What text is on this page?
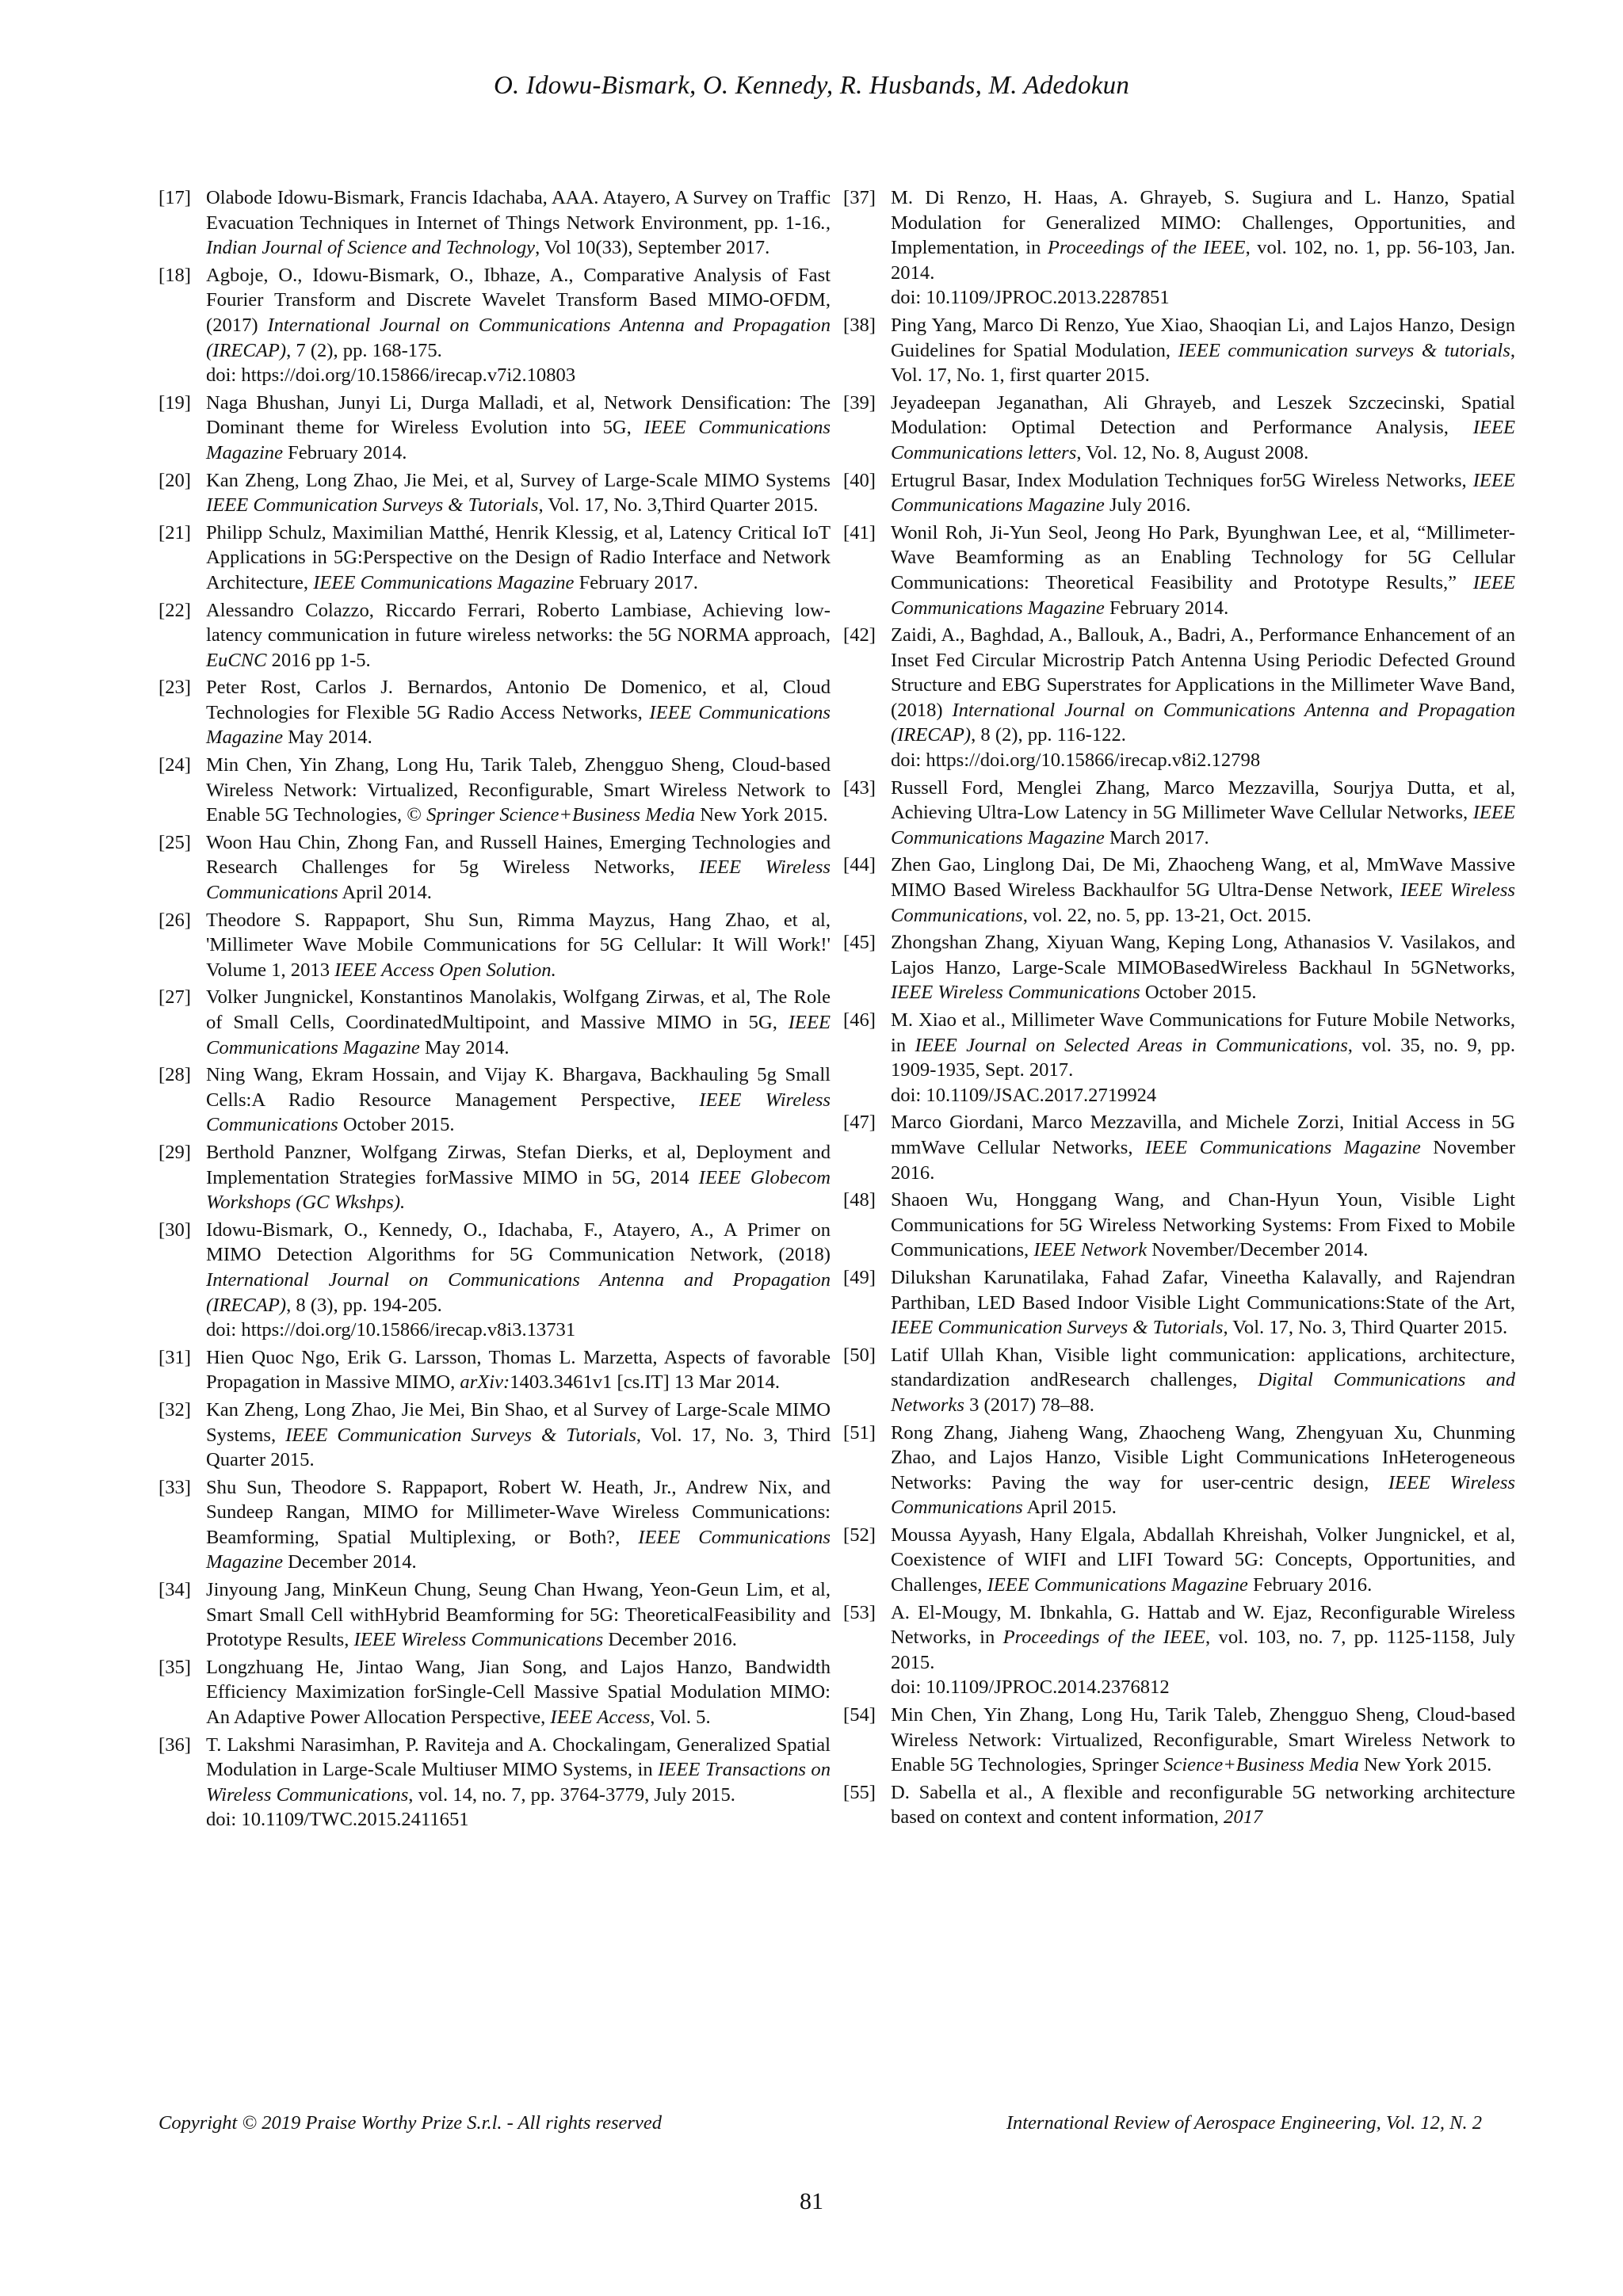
O. Idowu-Bismark, O. Kennedy, R. Husbands, M. Adedokun
[17] Olabode Idowu-Bismark, Francis Idachaba, AAA. Atayero, A Survey on Traffic Evacuation Techniques in Internet of Things Network Environment, pp. 1-16., Indian Journal of Science and Technology, Vol 10(33), September 2017.
[18] Agboje, O., Idowu-Bismark, O., Ibhaze, A., Comparative Analysis of Fast Fourier Transform and Discrete Wavelet Transform Based MIMO-OFDM, (2017) International Journal on Communications Antenna and Propagation (IRECAP), 7 (2), pp. 168-175.
doi: https://doi.org/10.15866/irecap.v7i2.10803
[19] Naga Bhushan, Junyi Li, Durga Malladi, et al, Network Densification: The Dominant theme for Wireless Evolution into 5G, IEEE Communications Magazine February 2014.
[20] Kan Zheng, Long Zhao, Jie Mei, et al, Survey of Large-Scale MIMO Systems IEEE Communication Surveys & Tutorials, Vol. 17, No. 3,Third Quarter 2015.
[21] Philipp Schulz, Maximilian Matthé, Henrik Klessig, et al, Latency Critical IoT Applications in 5G:Perspective on the Design of Radio Interface and Network Architecture, IEEE Communications Magazine February 2017.
[22] Alessandro Colazzo, Riccardo Ferrari, Roberto Lambiase, Achieving low-latency communication in future wireless networks: the 5G NORMA approach, EuCNC 2016 pp 1-5.
[23] Peter Rost, Carlos J. Bernardos, Antonio De Domenico, et al, Cloud Technologies for Flexible 5G Radio Access Networks, IEEE Communications Magazine May 2014.
[24] Min Chen, Yin Zhang, Long Hu, Tarik Taleb, Zhengguo Sheng, Cloud-based Wireless Network: Virtualized, Reconfigurable, Smart Wireless Network to Enable 5G Technologies, © Springer Science+Business Media New York 2015.
[25] Woon Hau Chin, Zhong Fan, and Russell Haines, Emerging Technologies and Research Challenges for 5g Wireless Networks, IEEE Wireless Communications April 2014.
[26] Theodore S. Rappaport, Shu Sun, Rimma Mayzus, Hang Zhao, et al, 'Millimeter Wave Mobile Communications for 5G Cellular: It Will Work!' Volume 1, 2013 IEEE Access Open Solution.
[27] Volker Jungnickel, Konstantinos Manolakis, Wolfgang Zirwas, et al, The Role of Small Cells, CoordinatedMultipoint, and Massive MIMO in 5G, IEEE Communications Magazine May 2014.
[28] Ning Wang, Ekram Hossain, and Vijay K. Bhargava, Backhauling 5g Small Cells:A Radio Resource Management Perspective, IEEE Wireless Communications October 2015.
[29] Berthold Panzner, Wolfgang Zirwas, Stefan Dierks, et al, Deployment and Implementation Strategies forMassive MIMO in 5G, 2014 IEEE Globecom Workshops (GC Wkshps).
[30] Idowu-Bismark, O., Kennedy, O., Idachaba, F., Atayero, A., A Primer on MIMO Detection Algorithms for 5G Communication Network, (2018) International Journal on Communications Antenna and Propagation (IRECAP), 8 (3), pp. 194-205.
doi: https://doi.org/10.15866/irecap.v8i3.13731
[31] Hien Quoc Ngo, Erik G. Larsson, Thomas L. Marzetta, Aspects of favorable Propagation in Massive MIMO, arXiv:1403.3461v1 [cs.IT] 13 Mar 2014.
[32] Kan Zheng, Long Zhao, Jie Mei, Bin Shao, et al Survey of Large-Scale MIMO Systems, IEEE Communication Surveys & Tutorials, Vol. 17, No. 3, Third Quarter 2015.
[33] Shu Sun, Theodore S. Rappaport, Robert W. Heath, Jr., Andrew Nix, and Sundeep Rangan, MIMO for Millimeter-Wave Wireless Communications: Beamforming, Spatial Multiplexing, or Both?, IEEE Communications Magazine December 2014.
[34] Jinyoung Jang, MinKeun Chung, Seung Chan Hwang, Yeon-Geun Lim, et al, Smart Small Cell withHybrid Beamforming for 5G: TheoreticalFeasibility and Prototype Results, IEEE Wireless Communications December 2016.
[35] Longzhuang He, Jintao Wang, Jian Song, and Lajos Hanzo, Bandwidth Efficiency Maximization forSingle-Cell Massive Spatial Modulation MIMO: An Adaptive Power Allocation Perspective, IEEE Access, Vol. 5.
[36] T. Lakshmi Narasimhan, P. Raviteja and A. Chockalingam, Generalized Spatial Modulation in Large-Scale Multiuser MIMO Systems, in IEEE Transactions on Wireless Communications, vol. 14, no. 7, pp. 3764-3779, July 2015.
doi: 10.1109/TWC.2015.2411651
[37] M. Di Renzo, H. Haas, A. Ghrayeb, S. Sugiura and L. Hanzo, Spatial Modulation for Generalized MIMO: Challenges, Opportunities, and Implementation, in Proceedings of the IEEE, vol. 102, no. 1, pp. 56-103, Jan. 2014.
doi: 10.1109/JPROC.2013.2287851
[38] Ping Yang, Marco Di Renzo, Yue Xiao, Shaoqian Li, and Lajos Hanzo, Design Guidelines for Spatial Modulation, IEEE communication surveys & tutorials, Vol. 17, No. 1, first quarter 2015.
[39] Jeyadeepan Jeganathan, Ali Ghrayeb, and Leszek Szczecinski, Spatial Modulation: Optimal Detection and Performance Analysis, IEEE Communications letters, Vol. 12, No. 8, August 2008.
[40] Ertugrul Basar, Index Modulation Techniques for5G Wireless Networks, IEEE Communications Magazine July 2016.
[41] Wonil Roh, Ji-Yun Seol, Jeong Ho Park, Byunghwan Lee, et al, “Millimeter-Wave Beamforming as an Enabling Technology for 5G Cellular Communications: Theoretical Feasibility and Prototype Results,” IEEE Communications Magazine February 2014.
[42] Zaidi, A., Baghdad, A., Ballouk, A., Badri, A., Performance Enhancement of an Inset Fed Circular Microstrip Patch Antenna Using Periodic Defected Ground Structure and EBG Superstrates for Applications in the Millimeter Wave Band, (2018) International Journal on Communications Antenna and Propagation (IRECAP), 8 (2), pp. 116-122.
doi: https://doi.org/10.15866/irecap.v8i2.12798
[43] Russell Ford, Menglei Zhang, Marco Mezzavilla, Sourjya Dutta, et al, Achieving Ultra-Low Latency in 5G Millimeter Wave Cellular Networks, IEEE Communications Magazine March 2017.
[44] Zhen Gao, Linglong Dai, De Mi, Zhaocheng Wang, et al, MmWave Massive MIMO Based Wireless Backhaulfor 5G Ultra-Dense Network, IEEE Wireless Communications, vol. 22, no. 5, pp. 13-21, Oct. 2015.
[45] Zhongshan Zhang, Xiyuan Wang, Keping Long, Athanasios V. Vasilakos, and Lajos Hanzo, Large-Scale MIMOBasedWireless Backhaul In 5GNetworks, IEEE Wireless Communications October 2015.
[46] M. Xiao et al., Millimeter Wave Communications for Future Mobile Networks, in IEEE Journal on Selected Areas in Communications, vol. 35, no. 9, pp. 1909-1935, Sept. 2017.
doi: 10.1109/JSAC.2017.2719924
[47] Marco Giordani, Marco Mezzavilla, and Michele Zorzi, Initial Access in 5G mmWave Cellular Networks, IEEE Communications Magazine November 2016.
[48] Shaoen Wu, Honggang Wang, and Chan-Hyun Youn, Visible Light Communications for 5G Wireless Networking Systems: From Fixed to Mobile Communications, IEEE Network November/December 2014.
[49] Dilukshan Karunatilaka, Fahad Zafar, Vineetha Kalavally, and Rajendran Parthiban, LED Based Indoor Visible Light Communications:State of the Art, IEEE Communication Surveys & Tutorials, Vol. 17, No. 3, Third Quarter 2015.
[50] Latif Ullah Khan, Visible light communication: applications, architecture, standardization andResearch challenges, Digital Communications and Networks 3 (2017) 78–88.
[51] Rong Zhang, Jiaheng Wang, Zhaocheng Wang, Zhengyuan Xu, Chunming Zhao, and Lajos Hanzo, Visible Light Communications InHeterogeneous Networks: Paving the way for user-centric design, IEEE Wireless Communications April 2015.
[52] Moussa Ayyash, Hany Elgala, Abdallah Khreishah, Volker Jungnickel, et al, Coexistence of WIFI and LIFI Toward 5G: Concepts, Opportunities, and Challenges, IEEE Communications Magazine February 2016.
[53] A. El-Mougy, M. Ibnkahla, G. Hattab and W. Ejaz, Reconfigurable Wireless Networks, in Proceedings of the IEEE, vol. 103, no. 7, pp. 1125-1158, July 2015.
doi: 10.1109/JPROC.2014.2376812
[54] Min Chen, Yin Zhang, Long Hu, Tarik Taleb, Zhengguo Sheng, Cloud-based Wireless Network: Virtualized, Reconfigurable, Smart Wireless Network to Enable 5G Technologies, Springer Science+Business Media New York 2015.
[55] D. Sabella et al., A flexible and reconfigurable 5G networking architecture based on context and content information, 2017
Copyright © 2019 Praise Worthy Prize S.r.l. - All rights reserved	International Review of Aerospace Engineering, Vol. 12, N. 2
81
